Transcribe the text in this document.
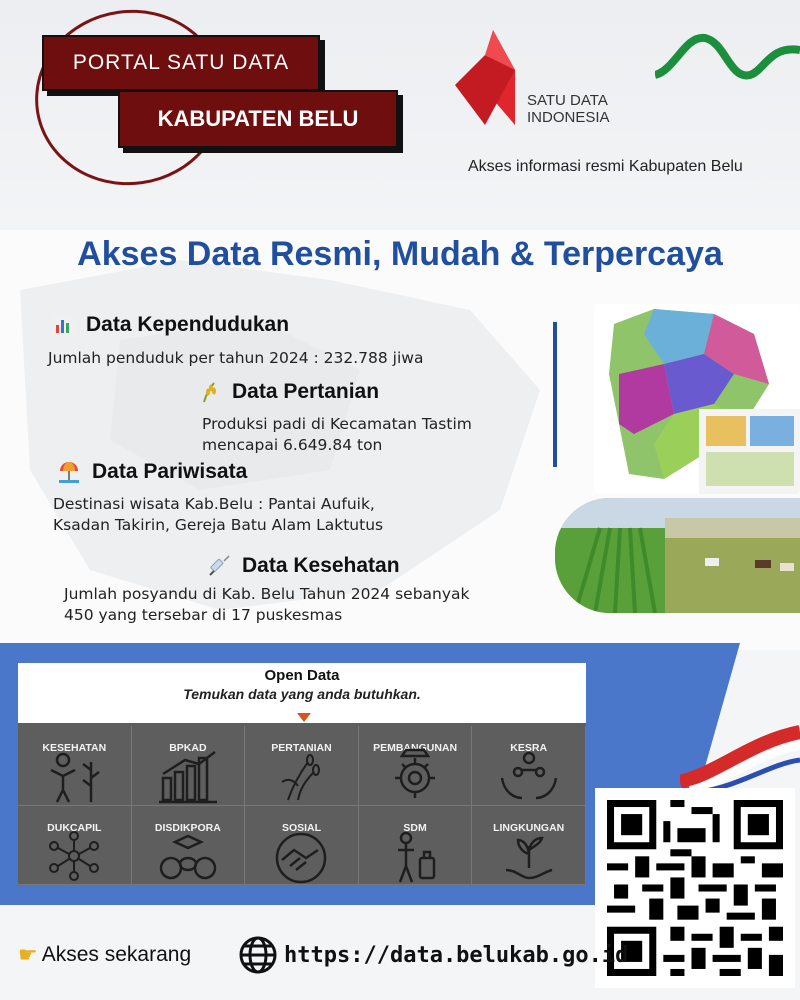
PORTAL SATU DATA
KABUPATEN BELU
SATU DATA
INDONESIA
Akses informasi resmi Kabupaten Belu
Akses Data Resmi, Mudah & Terpercaya
Data Kependudukan
Jumlah penduduk per tahun 2024 : 232.788 jiwa
Data Pertanian
Produksi padi di Kecamatan Tastim
mencapai 6.649.84 ton
Data Pariwisata
Destinasi wisata Kab.Belu : Pantai Aufuik,
Ksadan Takirin, Gereja Batu Alam Laktutus
Data Kesehatan
Jumlah posyandu di Kab. Belu Tahun 2024 sebanyak
450 yang tersebar di 17 puskesmas
Open Data
Temukan data yang anda butuhkan.
KESEHATAN	BPKAD	PERTANIAN	PEMBANGUNAN	KESRA
DUKCAPIL	DISDIKPORA	SOSIAL	SDM	LINGKUNGAN
☛ Akses sekarang	https://data.belukab.go.id
